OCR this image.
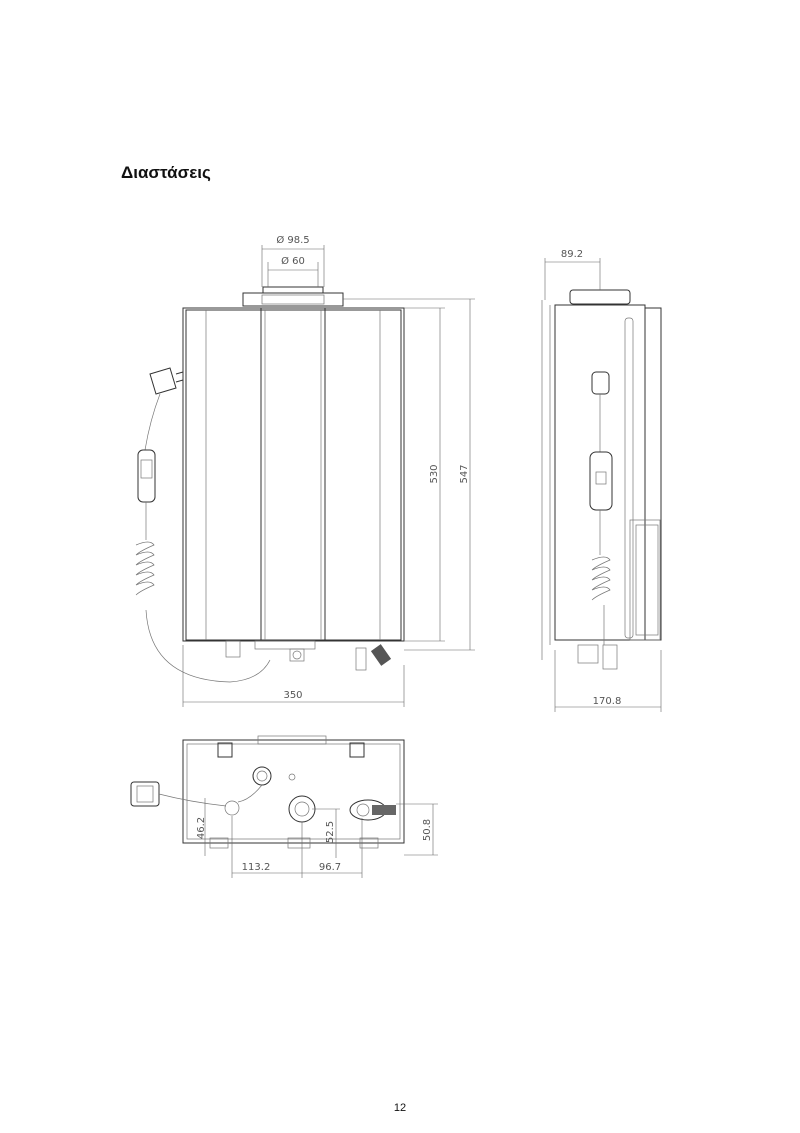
Διαστάσεις
Ø 98.5
Ø 60
530 547
350
89.2
170.8
46.2	52.5	50.8
113.2	96.7
12
